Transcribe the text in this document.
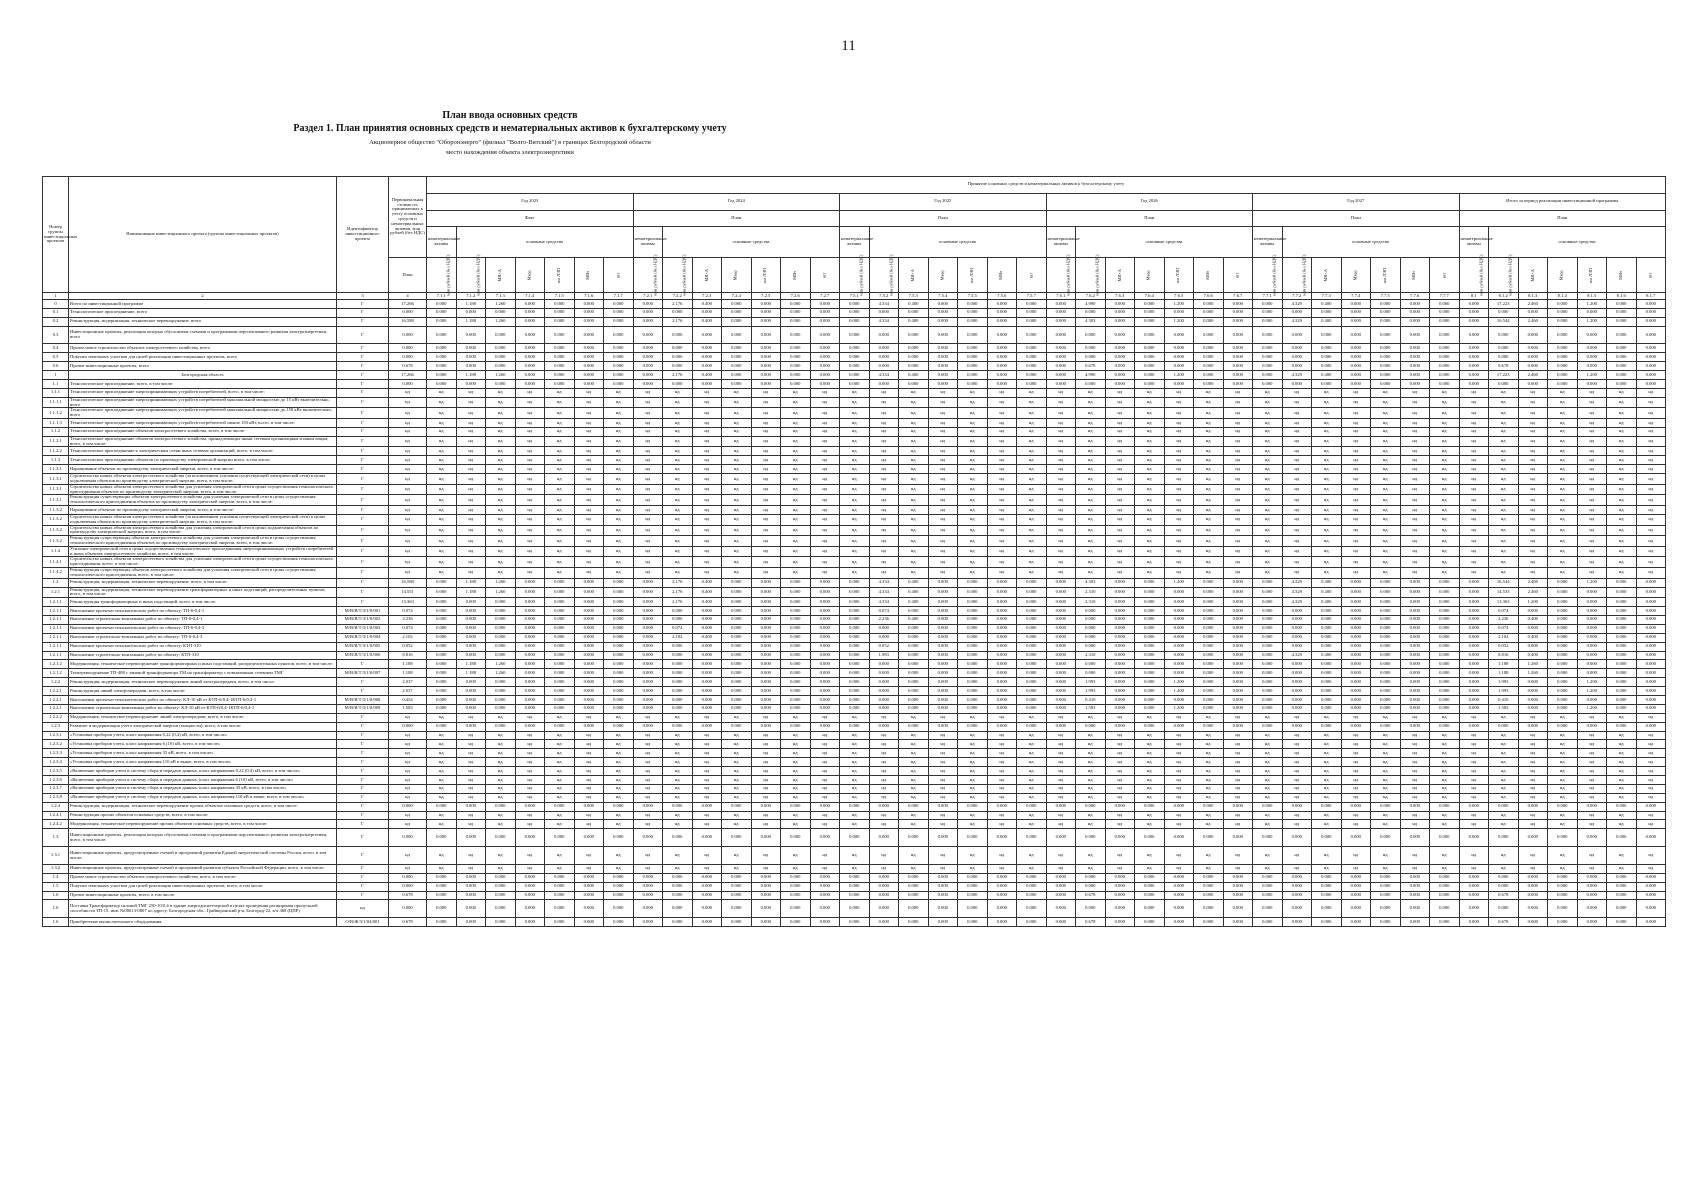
11
План ввода основных средств
Раздел 1. План принятия основных средств и нематериальных активов к бухгалтерскому учету
Акционерное общество "Оборонэнерго" (филиал "Волго-Вятский") в границах Белгородской области
место нахождения объекта электроэнергетики
Номер группы инвестиционных проектов	Наименование инвестиционного проекта (группы инвестиционных проектов)	Идентификатор инвестиционного проекта	Первоначальная стоимость принимаемых к учету основных средств и нематериальных активов, млн рублей (без НДС)	Принятие основных средств и нематериальных активов к бухгалтерскому учету																																									
				Год 2023							Год 2024							Год 2025							Год 2026							Год 2027							Итого за период реализации инвестиционной программы						
				Факт							План							План							План							План							План						
				нематериальные активы	основные средства						нематериальные активы	основные средства						нематериальные активы	основные средства						нематериальные активы	основные средства						нематериальные активы	основные средства						нематериальные активы	основные средства					
			План	млн рублей (без НДС)	млн рублей (без НДС)	МВ×А	Мвар	км ЛЭП	МВт	шт	млн рублей (без НДС)	млн рублей (без НДС)	МВ×А	Мвар	км ЛЭП	МВт	шт	млн рублей (без НДС)	млн рублей (без НДС)	МВ×А	Мвар	км ЛЭП	МВт	шт	млн рублей (без НДС)	млн рублей (без НДС)	МВ×А	Мвар	км ЛЭП	МВт	шт	млн рублей (без НДС)	млн рублей (без НДС)	МВ×А	Мвар	км ЛЭП	МВт	шт	млн рублей (без НДС)	млн рублей (без НДС)	МВ×А	Мвар	км ЛЭП	МВт	шт
1	2	3	4	7.1.1	7.1.2	7.1.3	7.1.4	7.1.5	7.1.6	7.1.7	7.2.1	7.2.2	7.2.3	7.2.4	7.2.5	7.2.6	7.2.7	7.5.1	7.5.2	7.5.3	7.5.4	7.5.5	7.5.6	7.5.7	7.6.1	7.6.2	7.6.3	7.6.4	7.6.5	7.6.6	7.6.7	7.7.1	7.7.2	7.7.3	7.7.4	7.7.5	7.7.6	7.7.7	8.1	8.1.2	8.1.3	8.1.4	8.1.5	8.1.6	8.1.7
0	Всего по инвестиционной программе	Г	17,266	0.000	1.188	1.260	0.000	0.000	0.000	0.000	0.000	2.176	0.400	0.000	0.000	0.000	0.000	0.000	4.334	0.400	0.000	0.000	0.000	0.000	0.000	4.990	0.000	0.000	1.200	0.000	0.000	0.000	4.329	0.400	0.000	0.000	0.000	0.000	0.000	17.223	2.460	0.000	1.200	0.000	0.000
0.1	Технологическое присоединение, всего	Г	0.000	0.000	0.000	0.000	0.000	0.000	0.000	0.000	0.000	0.000	0.000	0.000	0.000	0.000	0.000	0.000	0.000	0.000	0.000	0.000	0.000	0.000	0.000	0.000	0.000	0.000	0.000	0.000	0.000	0.000	0.000	0.000	0.000	0.000	0.000	0.000	0.000	0.000	0.000	0.000	0.000	0.000	0.000
0.2	Реконструкция, модернизация, техническое перевооружение, всего	Г	16,588	0.000	1.188	1.260	0.000	0.000	0.000	0.000	0.000	2.176	0.400	0.000	0.000	0.000	0.000	0.000	4.334	0.400	0.000	0.000	0.000	0.000	0.000	4.303	0.000	0.000	1.200	0.000	0.000	0.000	4.329	0.400	0.000	0.000	0.000	0.000	0.000	16.544	2.460	0.000	1.200	0.000	0.000
0.3	Инвестиционные проекты, реализация которых обусловлена схемами и программами перспективного развития электроэнергетики, всего	Г	0.000	0.000	0.000	0.000	0.000	0.000	0.000	0.000	0.000	0.000	0.000	0.000	0.000	0.000	0.000	0.000	0.000	0.000	0.000	0.000	0.000	0.000	0.000	0.000	0.000	0.000	0.000	0.000	0.000	0.000	0.000	0.000	0.000	0.000	0.000	0.000	0.000	0.000	0.000	0.000	0.000	0.000	0.000
0.4	Прочее новое строительство объектов электросетевого хозяйства, всего	Г	0.000	0.000	0.000	0.000	0.000	0.000	0.000	0.000	0.000	0.000	0.000	0.000	0.000	0.000	0.000	0.000	0.000	0.000	0.000	0.000	0.000	0.000	0.000	0.000	0.000	0.000	0.000	0.000	0.000	0.000	0.000	0.000	0.000	0.000	0.000	0.000	0.000	0.000	0.000	0.000	0.000	0.000	0.000
0.5	Покупка земельных участков для целей реализации инвестиционных проектов, всего	Г	0.000	0.000	0.000	0.000	0.000	0.000	0.000	0.000	0.000	0.000	0.000	0.000	0.000	0.000	0.000	0.000	0.000	0.000	0.000	0.000	0.000	0.000	0.000	0.000	0.000	0.000	0.000	0.000	0.000	0.000	0.000	0.000	0.000	0.000	0.000	0.000	0.000	0.000	0.000	0.000	0.000	0.000	0.000
0.6	Прочие инвестиционные проекты, всего	Г	0.678	0.000	0.000	0.000	0.000	0.000	0.000	0.000	0.000	0.000	0.000	0.000	0.000	0.000	0.000	0.000	0.000	0.000	0.000	0.000	0.000	0.000	0.000	0.678	0.000	0.000	0.000	0.000	0.000	0.000	0.000	0.000	0.000	0.000	0.000	0.000	0.000	0.678	0.000	0.000	0.000	0.000	0.000
1	Белгородская область	Г	17,266	0.000	1.188	1.260	0.000	0.000	0.000	0.000	0.000	2.176	0.400	0.000	0.000	0.000	0.000	0.000	4.334	0.400	0.000	0.000	0.000	0.000	0.000	4.990	0.000	0.000	1.200	0.000	0.000	0.000	4.329	0.400	0.000	0.000	0.000	0.000	0.000	17.223	2.460	0.000	1.200	0.000	0.000
1.1	Технологическое присоединение, всего, в том числе:	Г	0.000	0.000	0.000	0.000	0.000	0.000	0.000	0.000	0.000	0.000	0.000	0.000	0.000	0.000	0.000	0.000	0.000	0.000	0.000	0.000	0.000	0.000	0.000	0.000	0.000	0.000	0.000	0.000	0.000	0.000	0.000	0.000	0.000	0.000	0.000	0.000	0.000	0.000	0.000	0.000	0.000	0.000	0.000
1.1.1	Технологическое присоединение энергопринимающих устройств потребителей, всего, в том числе:	Г	нд	нд	нд	нд	нд	нд	нд	нд	нд	нд	нд	нд	нд	нд	нд	нд	нд	нд	нд	нд	нд	нд	нд	нд	нд	нд	нд	нд	нд	нд	нд	нд	нд	нд	нд	нд	нд	нд	нд	нд	нд	нд	нд
1.1.1.1	Технологическое присоединение энергопринимающих устройств потребителей максимальной мощностью до 15 кВт включительно, всего	Г	нд	нд	нд	нд	нд	нд	нд	нд	нд	нд	нд	нд	нд	нд	нд	нд	нд	нд	нд	нд	нд	нд	нд	нд	нд	нд	нд	нд	нд	нд	нд	нд	нд	нд	нд	нд	нд	нд	нд	нд	нд	нд	нд
1.1.1.2	Технологическое присоединение энергопринимающих устройств потребителей максимальной мощностью до 150 кВт включительно, всего	Г	нд	нд	нд	нд	нд	нд	нд	нд	нд	нд	нд	нд	нд	нд	нд	нд	нд	нд	нд	нд	нд	нд	нд	нд	нд	нд	нд	нд	нд	нд	нд	нд	нд	нд	нд	нд	нд	нд	нд	нд	нд	нд	нд
1.1.1.3	Технологическое присоединение энергопринимающих устройств потребителей свыше 150 кВт, всего, в том числе:	Г	нд	нд	нд	нд	нд	нд	нд	нд	нд	нд	нд	нд	нд	нд	нд	нд	нд	нд	нд	нд	нд	нд	нд	нд	нд	нд	нд	нд	нд	нд	нд	нд	нд	нд	нд	нд	нд	нд	нд	нд	нд	нд	нд
1.1.2	Технологическое присоединение объектов электросетевого хозяйства, всего, в том числе:	Г	нд	нд	нд	нд	нд	нд	нд	нд	нд	нд	нд	нд	нд	нд	нд	нд	нд	нд	нд	нд	нд	нд	нд	нд	нд	нд	нд	нд	нд	нд	нд	нд	нд	нд	нд	нд	нд	нд	нд	нд	нд	нд	нд
1.1.2.1	Технологическое присоединение объектов электросетевого хозяйства, принадлежащих иным сетевым организациям и иным лицам, всего, в том числе:	Г	нд	нд	нд	нд	нд	нд	нд	нд	нд	нд	нд	нд	нд	нд	нд	нд	нд	нд	нд	нд	нд	нд	нд	нд	нд	нд	нд	нд	нд	нд	нд	нд	нд	нд	нд	нд	нд	нд	нд	нд	нд	нд	нд
1.1.2.2	Технологическое присоединение к электрическим сетям иных сетевых организаций, всего, в том числе:	Г	нд	нд	нд	нд	нд	нд	нд	нд	нд	нд	нд	нд	нд	нд	нд	нд	нд	нд	нд	нд	нд	нд	нд	нд	нд	нд	нд	нд	нд	нд	нд	нд	нд	нд	нд	нд	нд	нд	нд	нд	нд	нд	нд
1.1.3	Технологическое присоединение объектов по производству электрической энергии всего, в том числе:	Г	нд	нд	нд	нд	нд	нд	нд	нд	нд	нд	нд	нд	нд	нд	нд	нд	нд	нд	нд	нд	нд	нд	нд	нд	нд	нд	нд	нд	нд	нд	нд	нд	нд	нд	нд	нд	нд	нд	нд	нд	нд	нд	нд
1.1.3.1	Наращивание объектов по производству электрической энергии, всего, в том числе:	Г	нд	нд	нд	нд	нд	нд	нд	нд	нд	нд	нд	нд	нд	нд	нд	нд	нд	нд	нд	нд	нд	нд	нд	нд	нд	нд	нд	нд	нд	нд	нд	нд	нд	нд	нд	нд	нд	нд	нд	нд	нд	нд	нд
1.1.3.1	Строительство новых объектов электросетевого хозяйства (за исключением усиления существующей электрической сети) в целях подключения объектов по производству электрической энергии, всего, в том числе:	Г	нд	нд	нд	нд	нд	нд	нд	нд	нд	нд	нд	нд	нд	нд	нд	нд	нд	нд	нд	нд	нд	нд	нд	нд	нд	нд	нд	нд	нд	нд	нд	нд	нд	нд	нд	нд	нд	нд	нд	нд	нд	нд	нд
1.1.3.1	Строительство новых объектов электросетевого хозяйства для усиления электрической сети в целях осуществления технологического присоединения объектов по производству электрической энергии, всего, в том числе:	Г	нд	нд	нд	нд	нд	нд	нд	нд	нд	нд	нд	нд	нд	нд	нд	нд	нд	нд	нд	нд	нд	нд	нд	нд	нд	нд	нд	нд	нд	нд	нд	нд	нд	нд	нд	нд	нд	нд	нд	нд	нд	нд	нд
1.1.3.1	Реконструкция существующих объектов электросетевого хозяйства для усиления электрической сети в целях осуществления технологического присоединения объектов по производству электрической энергии, всего, в том числе:	Г	нд	нд	нд	нд	нд	нд	нд	нд	нд	нд	нд	нд	нд	нд	нд	нд	нд	нд	нд	нд	нд	нд	нд	нд	нд	нд	нд	нд	нд	нд	нд	нд	нд	нд	нд	нд	нд	нд	нд	нд	нд	нд	нд
1.1.3.2	Наращивание объектов по производству электрической энергии, всего, в том числе:	Г	нд	нд	нд	нд	нд	нд	нд	нд	нд	нд	нд	нд	нд	нд	нд	нд	нд	нд	нд	нд	нд	нд	нд	нд	нд	нд	нд	нд	нд	нд	нд	нд	нд	нд	нд	нд	нд	нд	нд	нд	нд	нд	нд
1.1.3.2	Строительство новых объектов электросетевого хозяйства (за исключением усиления существующей электрической сети) в целях подключения объектов по производству электрической энергии, всего, в том числе:	Г	нд	нд	нд	нд	нд	нд	нд	нд	нд	нд	нд	нд	нд	нд	нд	нд	нд	нд	нд	нд	нд	нд	нд	нд	нд	нд	нд	нд	нд	нд	нд	нд	нд	нд	нд	нд	нд	нд	нд	нд	нд	нд	нд
1.1.3.2	Строительство новых объектов электросетевого хозяйства для усиления электрической сети в целях подключения объектов по производству электрической энергии, всего, в том числе:	Г	нд	нд	нд	нд	нд	нд	нд	нд	нд	нд	нд	нд	нд	нд	нд	нд	нд	нд	нд	нд	нд	нд	нд	нд	нд	нд	нд	нд	нд	нд	нд	нд	нд	нд	нд	нд	нд	нд	нд	нд	нд	нд	нд
1.1.3.2	Реконструкция существующих объектов электросетевого хозяйства для усиления электрической сети в целях осуществления технологического присоединения объектов по производству электрической энергии, всего, в том числе:	Г	нд	нд	нд	нд	нд	нд	нд	нд	нд	нд	нд	нд	нд	нд	нд	нд	нд	нд	нд	нд	нд	нд	нд	нд	нд	нд	нд	нд	нд	нд	нд	нд	нд	нд	нд	нд	нд	нд	нд	нд	нд	нд	нд
1.1.4	Усиление электрической сети в целях осуществления технологического присоединения энергопринимающих устройств потребителей и иных объектов электросетевого хозяйства, всего, в том числе:	Г	нд	нд	нд	нд	нд	нд	нд	нд	нд	нд	нд	нд	нд	нд	нд	нд	нд	нд	нд	нд	нд	нд	нд	нд	нд	нд	нд	нд	нд	нд	нд	нд	нд	нд	нд	нд	нд	нд	нд	нд	нд	нд	нд
1.1.4.1	Строительство новых объектов электросетевого хозяйства для усиления электрической сети в целях осуществления технологического присоединения, всего, в том числе:	Г	нд	нд	нд	нд	нд	нд	нд	нд	нд	нд	нд	нд	нд	нд	нд	нд	нд	нд	нд	нд	нд	нд	нд	нд	нд	нд	нд	нд	нд	нд	нд	нд	нд	нд	нд	нд	нд	нд	нд	нд	нд	нд	нд
1.1.4.2	Реконструкция существующих объектов электросетевого хозяйства для усиления электрической сети в целях осуществления технологического присоединения, всего, в том числе:	Г	нд	нд	нд	нд	нд	нд	нд	нд	нд	нд	нд	нд	нд	нд	нд	нд	нд	нд	нд	нд	нд	нд	нд	нд	нд	нд	нд	нд	нд	нд	нд	нд	нд	нд	нд	нд	нд	нд	нд	нд	нд	нд	нд
1.2	Реконструкция, модернизация, техническое перевооружение, всего, в том числе:	Г	16,588	0.000	1.188	1.260	0.000	0.000	0.000	0.000	0.000	2.176	0.400	0.000	0.000	0.000	0.000	0.000	4.334	0.400	0.000	0.000	0.000	0.000	0.000	4.303	0.000	0.000	1.200	0.000	0.000	0.000	4.329	0.400	0.000	0.000	0.000	0.000	0.000	16.544	2.460	0.000	1.200	0.000	0.000
1.2.1	Реконструкция, модернизация, техническое перевооружение трансформаторных и иных подстанций, распределительных пунктов, всего, в том числе:	Г	14,551	0.000	1.188	1.260	0.000	0.000	0.000	0.000	0.000	2.176	0.400	0.000	0.000	0.000	0.000	0.000	4.334	0.400	0.000	0.000	0.000	0.000	0.000	2.310	0.000	0.000	0.000	0.000	0.000	0.000	4.329	0.400	0.000	0.000	0.000	0.000	0.000	14.533	2.460	0.000	0.000	0.000	0.000
1.2.1.1	Реконструкция трансформаторных и иных подстанций, всего, в том числе:	Г	13,363	0.000	0.000	0.000	0.000	0.000	0.000	0.000	0.000	2.176	0.400	0.000	0.000	0.000	0.000	0.000	4.334	0.400	0.000	0.000	0.000	0.000	0.000	2.310	0.000	0.000	0.000	0.000	0.000	0.000	4.329	0.400	0.000	0.000	0.000	0.000	0.000	13.363	1.200	0.000	0.000	0.000	0.000
1.2.1.1	Выполнение проектно-изыскательских работ по объекту: ТП-6-0,4-1	M/B/B/T/3/1/0/001	0.074	0.000	0.000	0.000	0.000	0.000	0.000	0.000	0.000	0.000	0.000	0.000	0.000	0.000	0.000	0.000	0.074	0.000	0.000	0.000	0.000	0.000	0.000	0.000	0.000	0.000	0.000	0.000	0.000	0.000	0.000	0.000	0.000	0.000	0.000	0.000	0.000	0.074	0.000	0.000	0.000	0.000	0.000
1.2.1.1	Выполнение строительно-монтажных работ по объекту: ТП-6-0,4-1	M/B/B/T/3/1/0/002	2.236	0.000	0.000	0.000	0.000	0.000	0.000	0.000	0.000	0.000	0.000	0.000	0.000	0.000	0.000	0.000	2.236	0.400	0.000	0.000	0.000	0.000	0.000	0.000	0.000	0.000	0.000	0.000	0.000	0.000	0.000	0.000	0.000	0.000	0.000	0.000	0.000	2.236	0.400	0.000	0.000	0.000	0.000
1.2.1.1	Выполнение проектно-изыскательских работ по объекту: ТП-6-0,4-3	M/B/B/T/3/1/0/003	0.074	0.000	0.000	0.000	0.000	0.000	0.000	0.000	0.000	0.074	0.000	0.000	0.000	0.000	0.000	0.000	0.000	0.000	0.000	0.000	0.000	0.000	0.000	0.000	0.000	0.000	0.000	0.000	0.000	0.000	0.000	0.000	0.000	0.000	0.000	0.000	0.000	0.074	0.000	0.000	0.000	0.000	0.000
1.2.1.1	Выполнение строительно-монтажных работ по объекту: ТП-6-0,4-3	M/B/B/T/3/1/0/004	2.102	0.000	0.000	0.000	0.000	0.000	0.000	0.000	0.000	2.102	0.400	0.000	0.000	0.000	0.000	0.000	0.000	0.000	0.000	0.000	0.000	0.000	0.000	0.000	0.000	0.000	0.000	0.000	0.000	0.000	0.000	0.000	0.000	0.000	0.000	0.000	0.000	2.102	0.400	0.000	0.000	0.000	0.000
1.2.1.1	Выполнение проектно-изыскательских работ по объекту: КТП-310	M/B/B/T/3/1/0/005	0.052	0.000	0.000	0.000	0.000	0.000	0.000	0.000	0.000	0.000	0.000	0.000	0.000	0.000	0.000	0.000	0.052	0.000	0.000	0.000	0.000	0.000	0.000	0.000	0.000	0.000	0.000	0.000	0.000	0.000	0.000	0.000	0.000	0.000	0.000	0.000	0.000	0.052	0.000	0.000	0.000	0.000	0.000
1.2.1.1	Выполнение строительно-монтажных работ по объекту: КТП-310	M/B/B/T/3/1/0/006	8.816	0.000	0.000	0.000	0.000	0.000	0.000	0.000	0.000	0.000	0.000	0.000	0.000	0.000	0.000	0.000	1.983	0.000	0.000	0.000	0.000	0.000	0.000	2.310	0.000	0.000	0.000	0.000	0.000	0.000	4.329	0.400	0.000	0.000	0.000	0.000	0.000	8.816	0.400	0.000	0.000	0.000	0.000
1.2.1.2	Модернизация, техническое перевооружение трансформаторных и иных подстанций, распределительных пунктов, всего, в том числе:	Г	1.188	0.000	1.188	1.260	0.000	0.000	0.000	0.000	0.000	0.000	0.000	0.000	0.000	0.000	0.000	0.000	0.000	0.000	0.000	0.000	0.000	0.000	0.000	0.000	0.000	0.000	0.000	0.000	0.000	0.000	0.000	0.000	0.000	0.000	0.000	0.000	0.000	1.188	1.260	0.000	0.000	0.000	0.000
1.2.1.2	Техперевооружение ТП-408 с заменой трансформатора ТМ на трансформатор с повышенным сечением ТМГ	M/B/B/T/3/1/0/007	1.188	0.000	1.188	1.260	0.000	0.000	0.000	0.000	0.000	0.000	0.000	0.000	0.000	0.000	0.000	0.000	0.000	0.000	0.000	0.000	0.000	0.000	0.000	0.000	0.000	0.000	0.000	0.000	0.000	0.000	0.000	0.000	0.000	0.000	0.000	0.000	0.000	1.188	1.260	0.000	0.000	0.000	0.000
1.2.2	Реконструкция, модернизация, техническое перевооружение линий электропередачи, всего, в том числе:	Г	2.037	0.000	0.000	0.000	0.000	0.000	0.000	0.000	0.000	0.000	0.000	0.000	0.000	0.000	0.000	0.000	0.000	0.000	0.000	0.000	0.000	0.000	0.000	1.993	0.000	0.000	1.200	0.000	0.000	0.000	0.000	0.000	0.000	0.000	0.000	0.000	0.000	1.993	0.000	0.000	1.200	0.000	0.000
1.2.2.1	Реконструкция линий электропередачи, всего, в том числе:	Г	2.037	0.000	0.000	0.000	0.000	0.000	0.000	0.000	0.000	0.000	0.000	0.000	0.000	0.000	0.000	0.000	0.000	0.000	0.000	0.000	0.000	0.000	0.000	1.993	0.000	0.000	1.200	0.000	0.000	0.000	0.000	0.000	0.000	0.000	0.000	0.000	0.000	1.993	0.000	0.000	1.200	0.000	0.000
1.2.2.1	Выполнение проектно-изыскательских работ по объекту: КЛ-10 кВ от КТП-6/0,4-1КТП-6/0,4-1	M/B/B/T/3/1/0/008	0.454	0.000	0.000	0.000	0.000	0.000	0.000	0.000	0.000	0.000	0.000	0.000	0.000	0.000	0.000	0.000	0.000	0.000	0.000	0.000	0.000	0.000	0.000	0.410	0.000	0.000	0.000	0.000	0.000	0.000	0.000	0.000	0.000	0.000	0.000	0.000	0.000	0.410	0.000	0.000	0.000	0.000	0.000
1.2.2.1	Выполнение строительно-монтажных работ по объекту: КЛ-10 кВ от КТП-6/0,4-1КТП-6/0,4-1	M/B/B/T/3/1/0/009	1.583	0.000	0.000	0.000	0.000	0.000	0.000	0.000	0.000	0.000	0.000	0.000	0.000	0.000	0.000	0.000	0.000	0.000	0.000	0.000	0.000	0.000	0.000	1.583	0.000	0.000	1.200	0.000	0.000	0.000	0.000	0.000	0.000	0.000	0.000	0.000	0.000	1.583	0.000	0.000	1.200	0.000	0.000
1.2.2.2	Модернизация, техническое перевооружение линий электропередачи, всего, в том числе:	Г	нд	нд	нд	нд	нд	нд	нд	нд	нд	нд	нд	нд	нд	нд	нд	нд	нд	нд	нд	нд	нд	нд	нд	нд	нд	нд	нд	нд	нд	нд	нд	нд	нд	нд	нд	нд	нд	нд	нд	нд	нд	нд	нд
1.2.3	Развитие и модернизация учета электрической энергии (мощности), всего, в том числе:	Г	0.000	0.000	0.000	0.000	0.000	0.000	0.000	0.000	0.000	0.000	0.000	0.000	0.000	0.000	0.000	0.000	0.000	0.000	0.000	0.000	0.000	0.000	0.000	0.000	0.000	0.000	0.000	0.000	0.000	0.000	0.000	0.000	0.000	0.000	0.000	0.000	0.000	0.000	0.000	0.000	0.000	0.000	0.000
1.2.3.1	«Установка приборов учета, класс напряжения 0,22 (0,4) кВ, всего, в том числе»	Г	нд	нд	нд	нд	нд	нд	нд	нд	нд	нд	нд	нд	нд	нд	нд	нд	нд	нд	нд	нд	нд	нд	нд	нд	нд	нд	нд	нд	нд	нд	нд	нд	нд	нд	нд	нд	нд	нд	нд	нд	нд	нд	нд
1.2.3.2	«Установка приборов учета, класс напряжения 6 (10) кВ, всего, в том числе»	Г	нд	нд	нд	нд	нд	нд	нд	нд	нд	нд	нд	нд	нд	нд	нд	нд	нд	нд	нд	нд	нд	нд	нд	нд	нд	нд	нд	нд	нд	нд	нд	нд	нд	нд	нд	нд	нд	нд	нд	нд	нд	нд	нд
1.2.3.3	«Установка приборов учета, класс напряжения 35 кВ, всего, в том числе»	Г	нд	нд	нд	нд	нд	нд	нд	нд	нд	нд	нд	нд	нд	нд	нд	нд	нд	нд	нд	нд	нд	нд	нд	нд	нд	нд	нд	нд	нд	нд	нд	нд	нд	нд	нд	нд	нд	нд	нд	нд	нд	нд	нд
1.2.3.4	«Установка приборов учета, класс напряжения 110 кВ и выше, всего, в том числе»	Г	нд	нд	нд	нд	нд	нд	нд	нд	нд	нд	нд	нд	нд	нд	нд	нд	нд	нд	нд	нд	нд	нд	нд	нд	нд	нд	нд	нд	нд	нд	нд	нд	нд	нд	нд	нд	нд	нд	нд	нд	нд	нд	нд
1.2.3.5	«Включение приборов учета в систему сбора и передачи данных, класс напряжения 0,22 (0,4) кВ, всего, в том числе»	Г	нд	нд	нд	нд	нд	нд	нд	нд	нд	нд	нд	нд	нд	нд	нд	нд	нд	нд	нд	нд	нд	нд	нд	нд	нд	нд	нд	нд	нд	нд	нд	нд	нд	нд	нд	нд	нд	нд	нд	нд	нд	нд	нд
1.2.3.6	«Включение приборов учета в систему сбора и передачи данных, класс напряжения 6 (10) кВ, всего, в том числе»	Г	нд	нд	нд	нд	нд	нд	нд	нд	нд	нд	нд	нд	нд	нд	нд	нд	нд	нд	нд	нд	нд	нд	нд	нд	нд	нд	нд	нд	нд	нд	нд	нд	нд	нд	нд	нд	нд	нд	нд	нд	нд	нд	нд
1.2.3.7	«Включение приборов учета в систему сбора и передачи данных, класс напряжения 35 кВ, всего, в том числе»	Г	нд	нд	нд	нд	нд	нд	нд	нд	нд	нд	нд	нд	нд	нд	нд	нд	нд	нд	нд	нд	нд	нд	нд	нд	нд	нд	нд	нд	нд	нд	нд	нд	нд	нд	нд	нд	нд	нд	нд	нд	нд	нд	нд
1.2.3.8	«Включение приборов учета в систему сбора и передачи данных, класс напряжения 110 кВ и выше, всего, в том числе»	Г	нд	нд	нд	нд	нд	нд	нд	нд	нд	нд	нд	нд	нд	нд	нд	нд	нд	нд	нд	нд	нд	нд	нд	нд	нд	нд	нд	нд	нд	нд	нд	нд	нд	нд	нд	нд	нд	нд	нд	нд	нд	нд	нд
1.2.4	Реконструкция, модернизация, техническое перевооружение прочих объектов основных средств, всего, в том числе:	Г	0.000	0.000	0.000	0.000	0.000	0.000	0.000	0.000	0.000	0.000	0.000	0.000	0.000	0.000	0.000	0.000	0.000	0.000	0.000	0.000	0.000	0.000	0.000	0.000	0.000	0.000	0.000	0.000	0.000	0.000	0.000	0.000	0.000	0.000	0.000	0.000	0.000	0.000	0.000	0.000	0.000	0.000	0.000
1.2.4.1	Реконструкция прочих объектов основных средств, всего, в том числе:	Г	нд	нд	нд	нд	нд	нд	нд	нд	нд	нд	нд	нд	нд	нд	нд	нд	нд	нд	нд	нд	нд	нд	нд	нд	нд	нд	нд	нд	нд	нд	нд	нд	нд	нд	нд	нд	нд	нд	нд	нд	нд	нд	нд
1.2.4.2	Модернизация, техническое перевооружение прочих объектов основных средств, всего, в том числе:	Г	нд	нд	нд	нд	нд	нд	нд	нд	нд	нд	нд	нд	нд	нд	нд	нд	нд	нд	нд	нд	нд	нд	нд	нд	нд	нд	нд	нд	нд	нд	нд	нд	нд	нд	нд	нд	нд	нд	нд	нд	нд	нд	нд
1.3	Инвестиционные проекты, реализация которых обусловлена схемами и программами перспективного развития электроэнергетики, всего, в том числе:	Г	0.000	0.000	0.000	0.000	0.000	0.000	0.000	0.000	0.000	0.000	0.000	0.000	0.000	0.000	0.000	0.000	0.000	0.000	0.000	0.000	0.000	0.000	0.000	0.000	0.000	0.000	0.000	0.000	0.000	0.000	0.000	0.000	0.000	0.000	0.000	0.000	0.000	0.000	0.000	0.000	0.000	0.000	0.000
1.3.1	Инвестиционные проекты, предусмотренные схемой и программой развития Единой энергетической системы России, всего, в том числе:	Г	нд	нд	нд	нд	нд	нд	нд	нд	нд	нд	нд	нд	нд	нд	нд	нд	нд	нд	нд	нд	нд	нд	нд	нд	нд	нд	нд	нд	нд	нд	нд	нд	нд	нд	нд	нд	нд	нд	нд	нд	нд	нд	нд
1.3.2	Инвестиционные проекты, предусмотренные схемой и программой развития субъекта Российской Федерации, всего, в том числе:	Г	нд	нд	нд	нд	нд	нд	нд	нд	нд	нд	нд	нд	нд	нд	нд	нд	нд	нд	нд	нд	нд	нд	нд	нд	нд	нд	нд	нд	нд	нд	нд	нд	нд	нд	нд	нд	нд	нд	нд	нд	нд	нд	нд
1.4	Прочее новое строительство объектов электросетевого хозяйства, всего, в том числе:	Г	0.000	0.000	0.000	0.000	0.000	0.000	0.000	0.000	0.000	0.000	0.000	0.000	0.000	0.000	0.000	0.000	0.000	0.000	0.000	0.000	0.000	0.000	0.000	0.000	0.000	0.000	0.000	0.000	0.000	0.000	0.000	0.000	0.000	0.000	0.000	0.000	0.000	0.000	0.000	0.000	0.000	0.000	0.000
1.5	Покупка земельных участков для целей реализации инвестиционных проектов, всего, в том числе:	Г	0.000	0.000	0.000	0.000	0.000	0.000	0.000	0.000	0.000	0.000	0.000	0.000	0.000	0.000	0.000	0.000	0.000	0.000	0.000	0.000	0.000	0.000	0.000	0.000	0.000	0.000	0.000	0.000	0.000	0.000	0.000	0.000	0.000	0.000	0.000	0.000	0.000	0.000	0.000	0.000	0.000	0.000	0.000
1.6	Прочие инвестиционные проекты, всего, в том числе:	Г	0.678	0.000	0.000	0.000	0.000	0.000	0.000	0.000	0.000	0.000	0.000	0.000	0.000	0.000	0.000	0.000	0.000	0.000	0.000	0.000	0.000	0.000	0.000	0.678	0.000	0.000	0.000	0.000	0.000	0.000	0.000	0.000	0.000	0.000	0.000	0.000	0.000	0.678	0.000	0.000	0.000	0.000	0.000
1.6	Поставка Трансформатор силовой ТМГ 250-10/0,4 в здание энергодиспетчерской в целях проведения расширения пропускной способности ТП-15, инв. №00013-0807 по адресу: Белгородская обл., Грайворонский р-н, Белгород-22, в/ч 368 (ЦПР)	нд	0.000	0.000	0.000	0.000	0.000	0.000	0.000	0.000	0.000	0.000	0.000	0.000	0.000	0.000	0.000	0.000	0.000	0.000	0.000	0.000	0.000	0.000	0.000	0.000	0.000	0.000	0.000	0.000	0.000	0.000	0.000	0.000	0.000	0.000	0.000	0.000	0.000	0.000	0.000	0.000	0.000	0.000	0.000
1.6	Приобретение вычислительного оборудования	O/B/Ж/3/1/04/001	0.678	0.000	0.000	0.000	0.000	0.000	0.000	0.000	0.000	0.000	0.000	0.000	0.000	0.000	0.000	0.000	0.000	0.000	0.000	0.000	0.000	0.000	0.000	0.678	0.000	0.000	0.000	0.000	0.000	0.000	0.000	0.000	0.000	0.000	0.000	0.000	0.000	0.678	0.000	0.000	0.000	0.000	0.000
